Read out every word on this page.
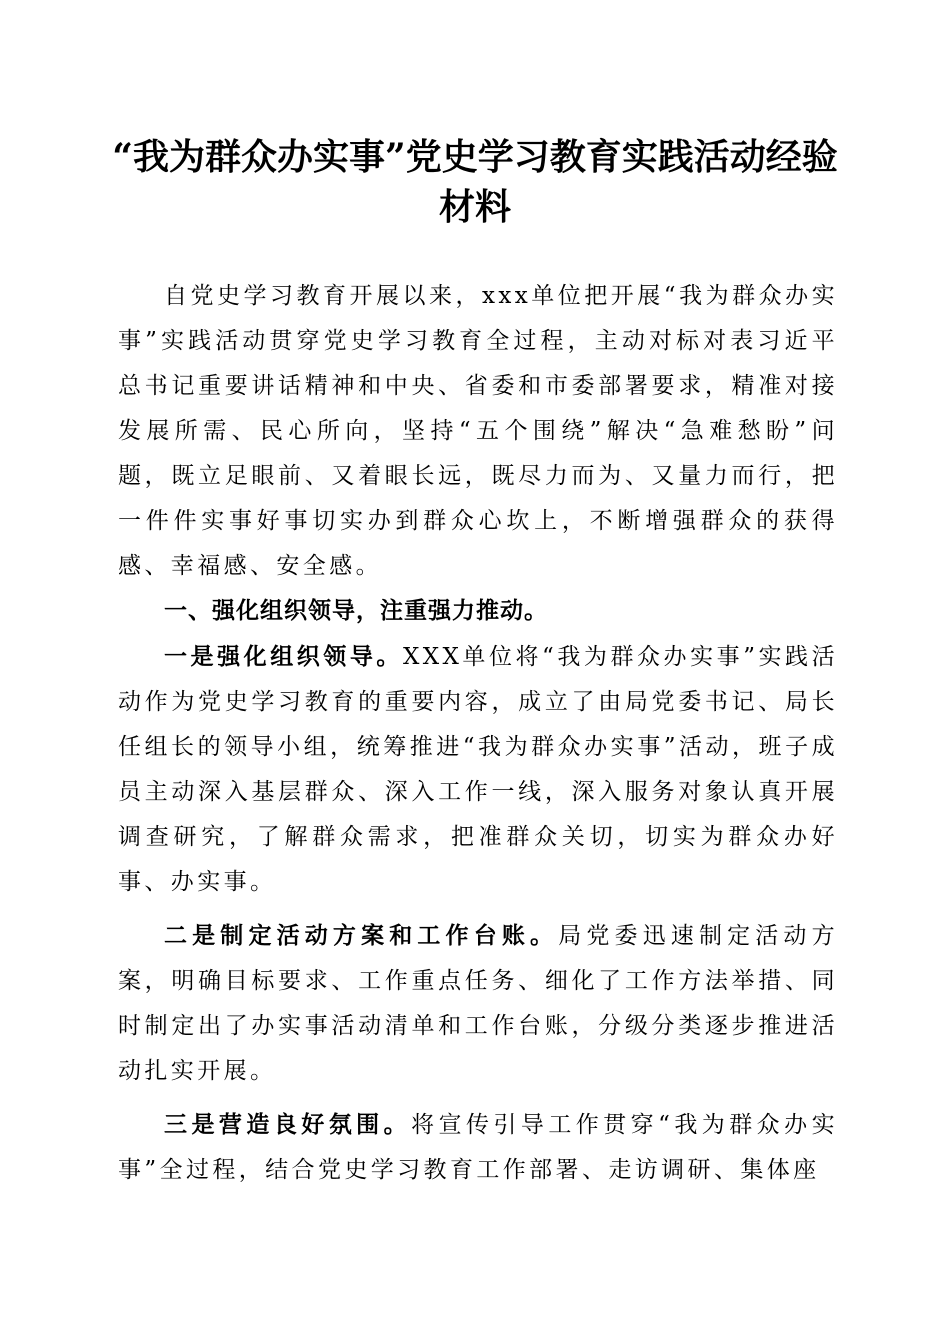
“我为群众办实事”党史学习教育实践活动经验材料

自党史学习教育开展以来，xxx单位把开展“我为群众办实事”实践活动贯穿党史学习教育全过程，主动对标对表习近平总书记重要讲话精神和中央、省委和市委部署要求，精准对接发展所需、民心所向，坚持“五个围绕”解决“急难愁盼”问题，既立足眼前、又着眼长远，既尽力而为、又量力而行，把一件件实事好事切实办到群众心坎上，不断增强群众的获得感、幸福感、安全感。

一、强化组织领导，注重强力推动。

一是强化组织领导。XXX单位将“我为群众办实事”实践活动作为党史学习教育的重要内容，成立了由局党委书记、局长任组长的领导小组，统筹推进“我为群众办实事”活动，班子成员主动深入基层群众、深入工作一线，深入服务对象认真开展调查研究，了解群众需求，把准群众关切，切实为群众办好事、办实事。

二是制定活动方案和工作台账。局党委迅速制定活动方案，明确目标要求、工作重点任务、细化了工作方法举措、同时制定出了办实事活动清单和工作台账，分级分类逐步推进活动扎实开展。

三是营造良好氛围。将宣传引导工作贯穿“我为群众办实事”全过程，结合党史学习教育工作部署、走访调研、集体座
